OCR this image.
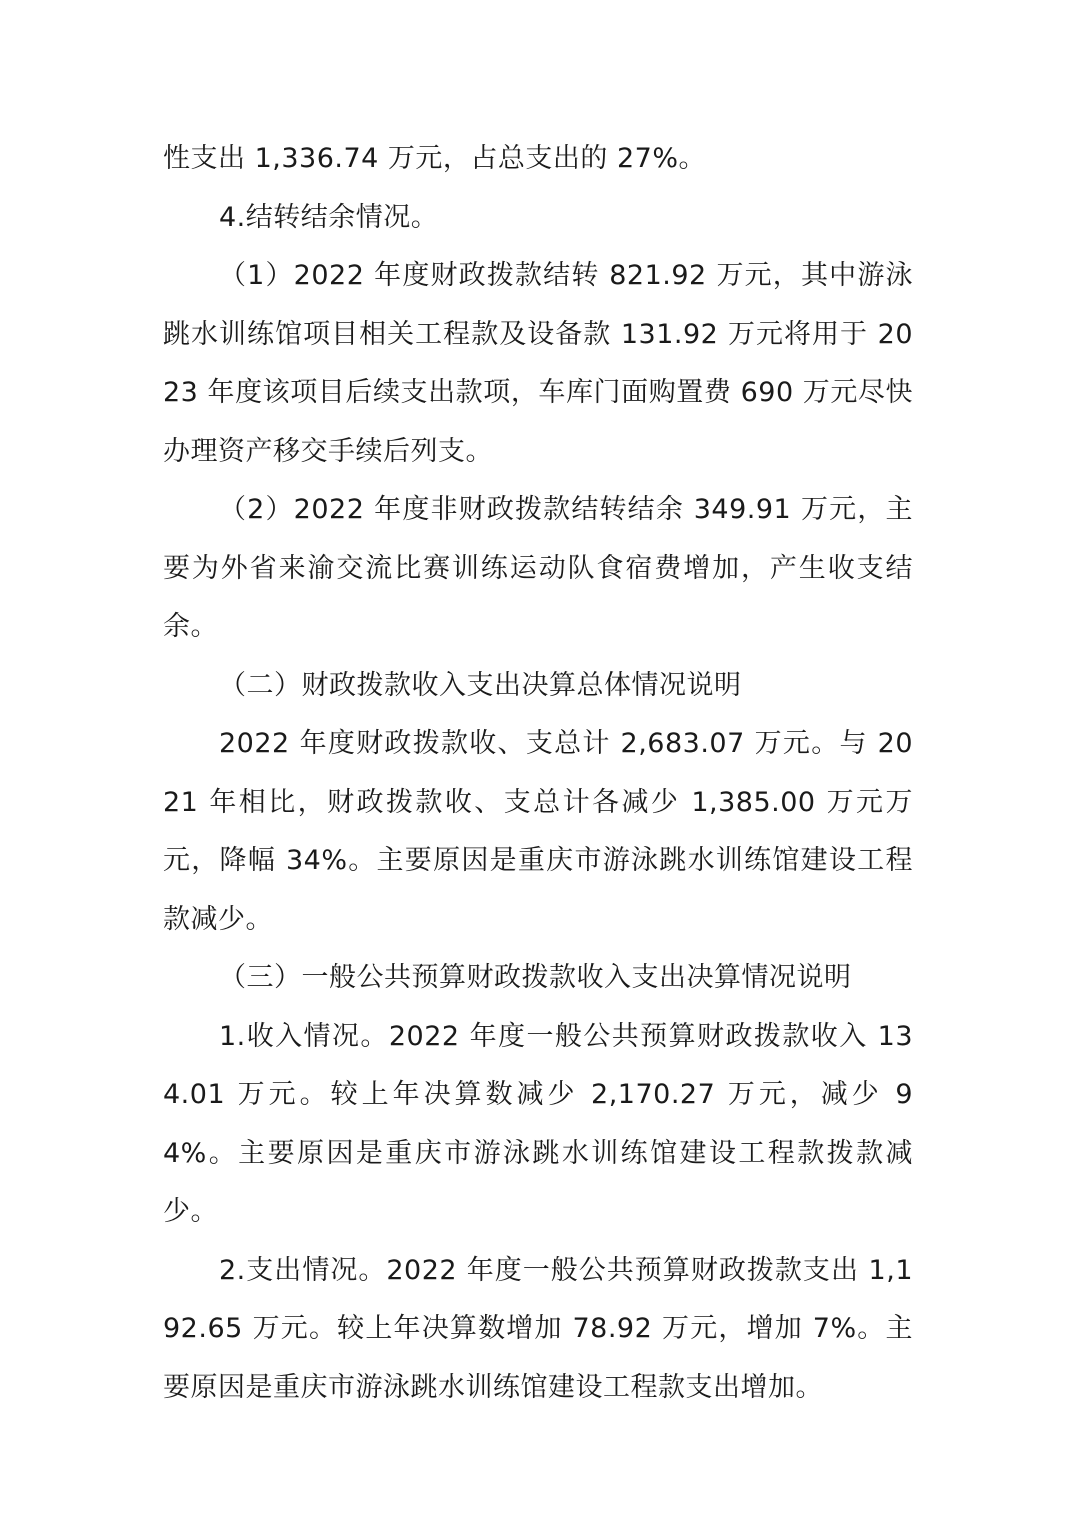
性支出 1,336.74 万元，占总支出的 27%。

4.结转结余情况。

（1）2022 年度财政拨款结转 821.92 万元，其中游泳跳水训练馆项目相关工程款及设备款 131.92 万元将用于 2023 年度该项目后续支出款项，车库门面购置费 690 万元尽快办理资产移交手续后列支。

（2）2022 年度非财政拨款结转结余 349.91 万元，主要为外省来渝交流比赛训练运动队食宿费增加，产生收支结余。

（二）财政拨款收入支出决算总体情况说明

2022 年度财政拨款收、支总计 2,683.07 万元。与 2021 年相比，财政拨款收、支总计各减少 1,385.00 万元万元，降幅 34%。主要原因是重庆市游泳跳水训练馆建设工程款减少。

（三）一般公共预算财政拨款收入支出决算情况说明

1.收入情况。2022 年度一般公共预算财政拨款收入 134.01 万元。较上年决算数减少 2,170.27 万元，减少 94%。主要原因是重庆市游泳跳水训练馆建设工程款拨款减少。

2.支出情况。2022 年度一般公共预算财政拨款支出 1,192.65 万元。较上年决算数增加 78.92 万元，增加 7%。主要原因是重庆市游泳跳水训练馆建设工程款支出增加。
